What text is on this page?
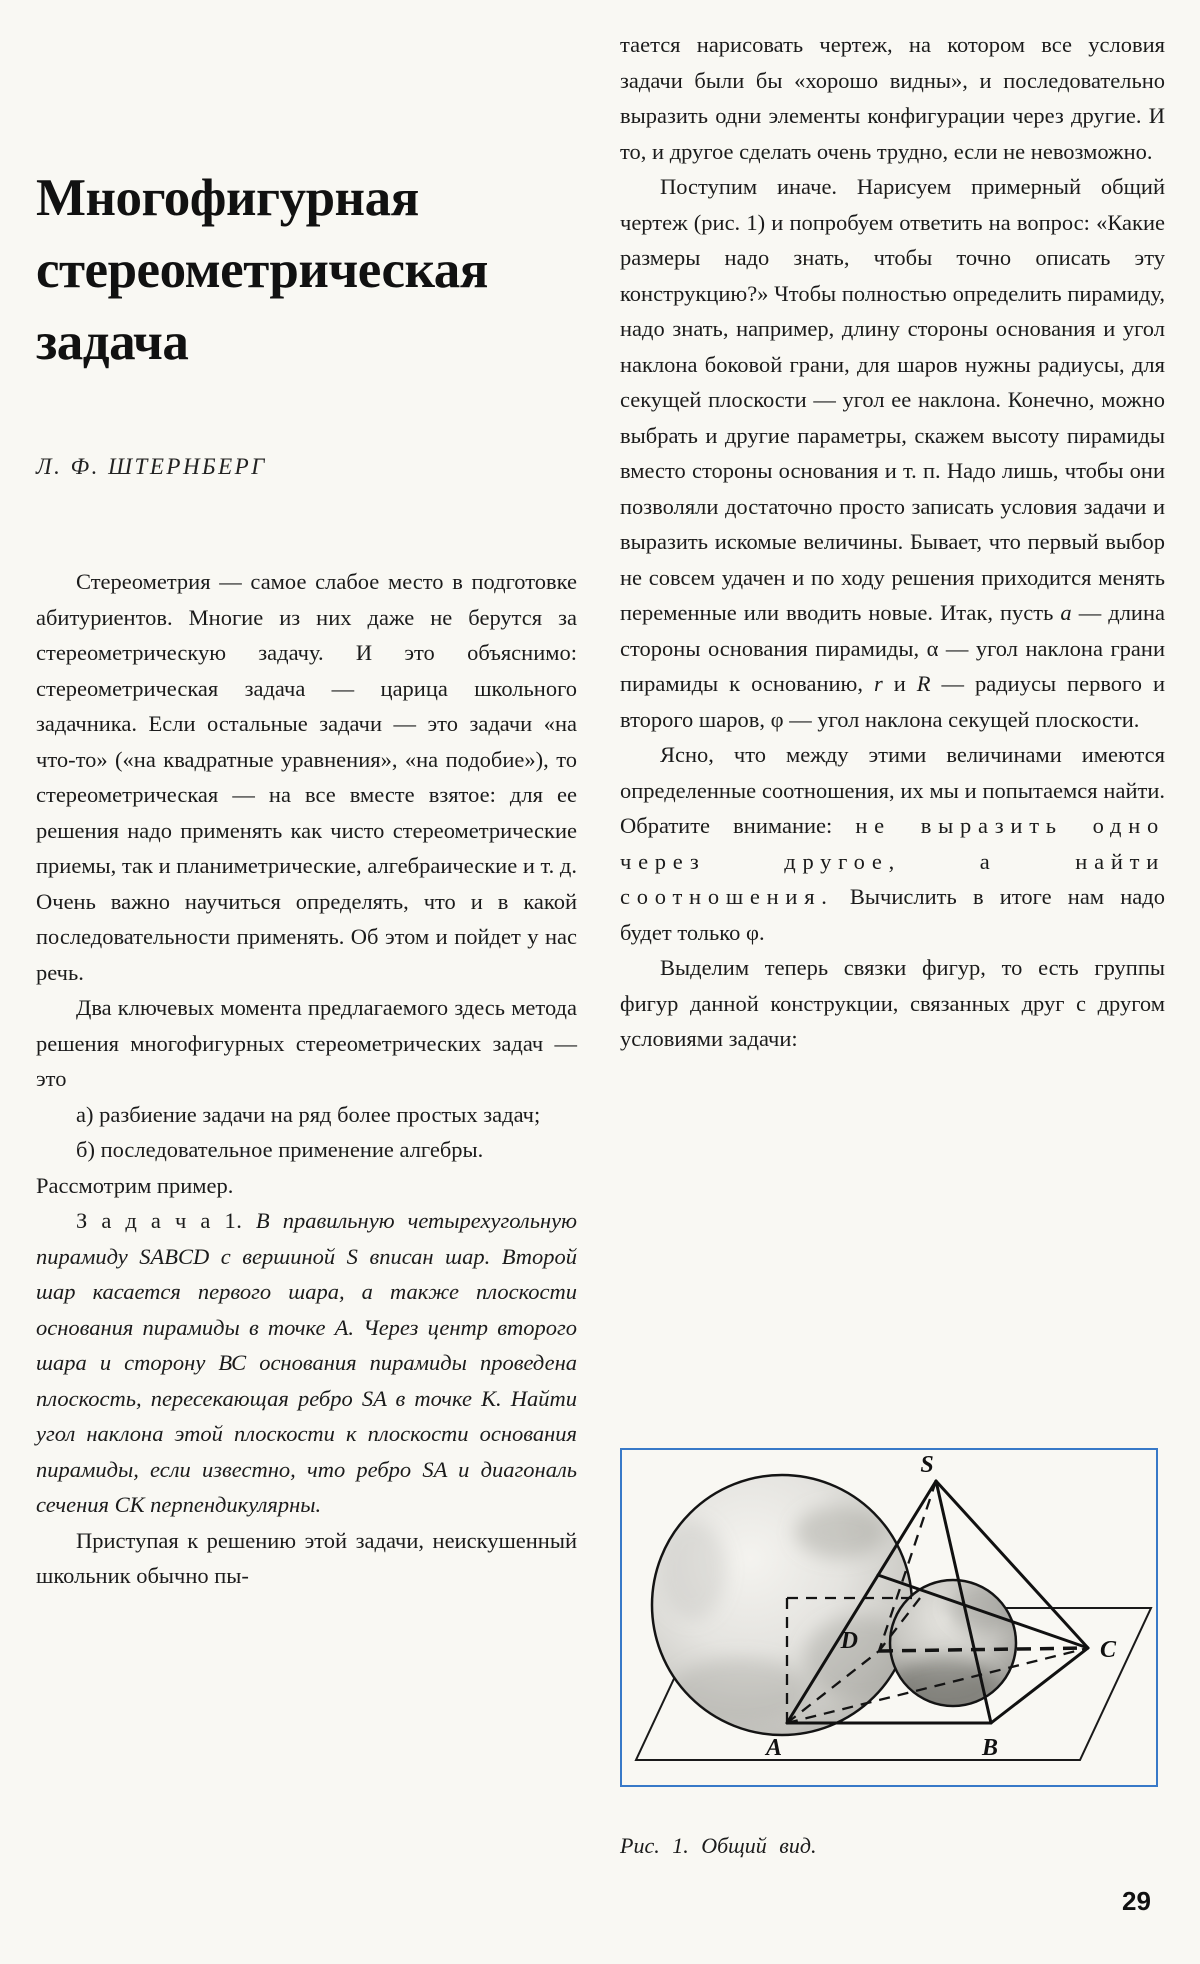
Многофигурная
стереометрическая
задача
Л. Ф. ШТЕРНБЕРГ

Стереометрия — самое слабое место в подготовке абитуриентов. Многие из них даже не берутся за стереометрическую задачу. И это объяснимо: стереометрическая задача — царица школьного задачника. Если остальные задачи — это задачи «на что-то» («на квадратные уравнения», «на подобие»), то стереометрическая — на все вместе взятое: для ее решения надо применять как чисто стереометрические приемы, так и планиметрические, алгебраические и т. д. Очень важно научиться определять, что и в какой последовательности применять. Об этом и пойдет у нас речь.

Два ключевых момента предлагаемого здесь метода решения многофигурных стереометрических задач — это

а) разбиение задачи на ряд более простых задач;

б) последовательное применение алгебры.

Рассмотрим пример.

З а д а ч а 1. В правильную четырехугольную пирамиду SABCD с вершиной S вписан шар. Второй шар касается первого шара, а также плоскости основания пирамиды в точке А. Через центр второго шара и сторону ВС основания пирамиды проведена плоскость, пересекающая ребро SA в точке К. Найти угол наклона этой плоскости к плоскости основания пирамиды, если известно, что ребро SA и диагональ сечения СК перпендикулярны.

Приступая к решению этой задачи, неискушенный школьник обычно пы-

тается нарисовать чертеж, на котором все условия задачи были бы «хорошо видны», и последовательно выразить одни элементы конфигурации через другие. И то, и другое сделать очень трудно, если не невозможно.

Поступим иначе. Нарисуем примерный общий чертеж (рис. 1) и попробуем ответить на вопрос: «Какие размеры надо знать, чтобы точно описать эту конструкцию?» Чтобы полностью определить пирамиду, надо знать, например, длину стороны основания и угол наклона боковой грани, для шаров нужны радиусы, для секущей плоскости — угол ее наклона. Конечно, можно выбрать и другие параметры, скажем высоту пирамиды вместо стороны основания и т. п. Надо лишь, чтобы они позволяли достаточно просто записать условия задачи и выразить искомые величины. Бывает, что первый выбор не совсем удачен и по ходу решения приходится менять переменные или вводить новые. Итак, пусть a — длина стороны основания пирамиды, α — угол наклона грани пирамиды к основанию, r и R — радиусы первого и второго шаров, φ — угол наклона секущей плоскости.

Ясно, что между этими величинами имеются определенные соотношения, их мы и попытаемся найти. Обратите внимание: не выразить одно через другое, а найти соотношения. Вычислить в итоге нам надо будет только φ.

Выделим теперь связки фигур, то есть группы фигур данной конструкции, связанных друг с другом условиями задачи:

S
A	B
C
D
Рис. 1. Общий вид.
29
